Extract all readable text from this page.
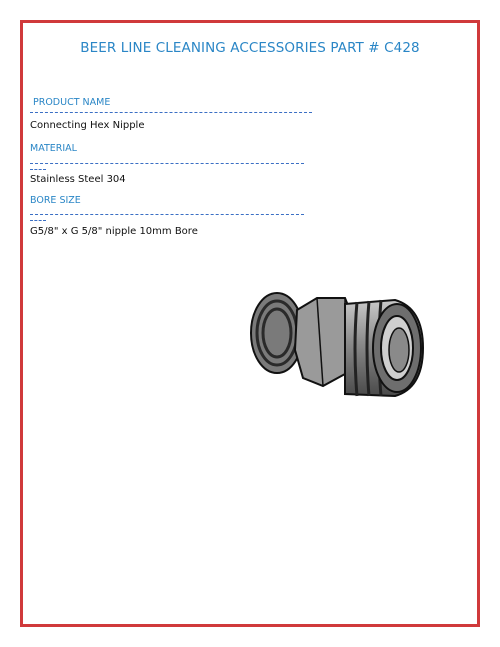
BEER LINE CLEANING ACCESSORIES PART # C428
PRODUCT NAME
Connecting Hex Nipple
MATERIAL
Stainless Steel 304
BORE SIZE
G5/8" x G 5/8" nipple 10mm Bore
